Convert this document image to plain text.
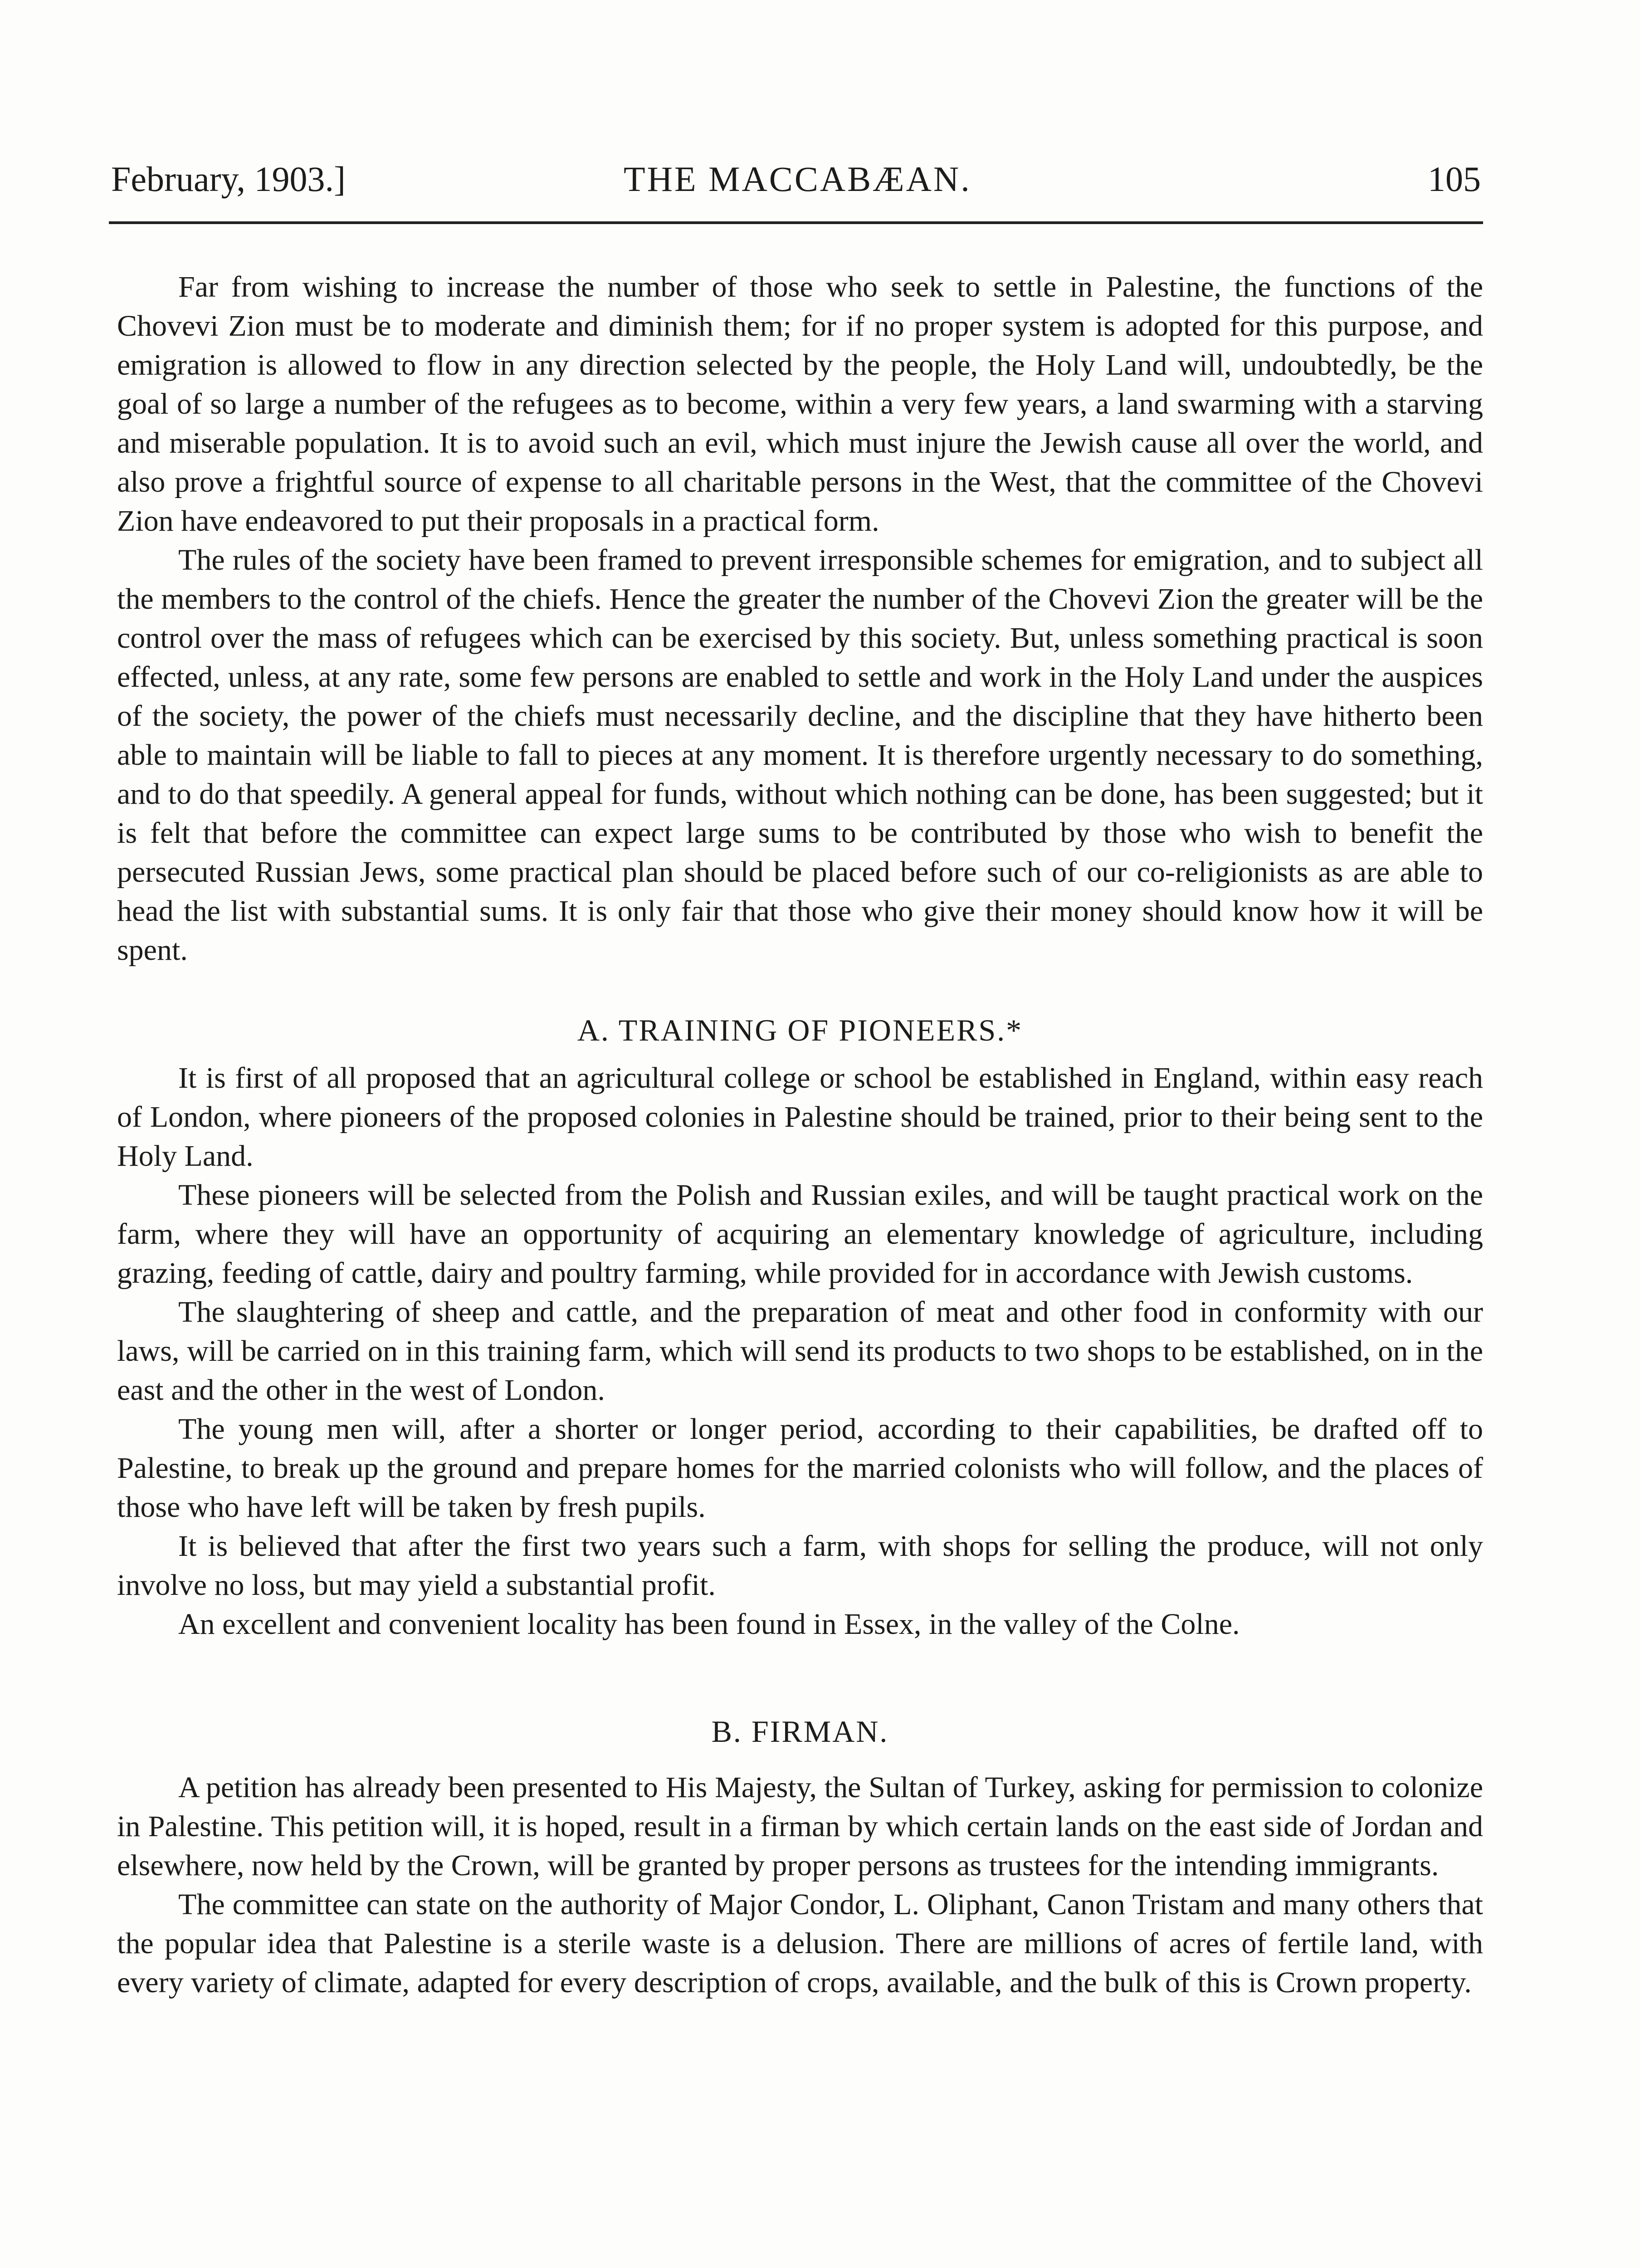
February, 1903.]	THE MACCABÆAN.	105

Far from wishing to increase the number of those who seek to settle in Palestine, the functions of the Chovevi Zion must be to moderate and diminish them; for if no proper system is adopted for this purpose, and emigration is allowed to flow in any direction selected by the people, the Holy Land will, undoubtedly, be the goal of so large a number of the refugees as to become, within a very few years, a land swarming with a starving and miserable population. It is to avoid such an evil, which must injure the Jewish cause all over the world, and also prove a frightful source of expense to all charitable persons in the West, that the committee of the Chovevi Zion have endeavored to put their proposals in a practical form.

The rules of the society have been framed to prevent irresponsible schemes for emigration, and to subject all the members to the control of the chiefs. Hence the greater the number of the Chovevi Zion the greater will be the control over the mass of refugees which can be exercised by this society. But, unless something practical is soon effected, unless, at any rate, some few persons are enabled to settle and work in the Holy Land under the auspices of the society, the power of the chiefs must necessarily decline, and the discipline that they have hitherto been able to maintain will be liable to fall to pieces at any moment. It is therefore urgently necessary to do something, and to do that speedily. A general appeal for funds, without which nothing can be done, has been suggested; but it is felt that before the committee can expect large sums to be contributed by those who wish to benefit the persecuted Russian Jews, some practical plan should be placed before such of our co-religionists as are able to head the list with substantial sums. It is only fair that those who give their money should know how it will be spent.

A. TRAINING OF PIONEERS.*

It is first of all proposed that an agricultural college or school be established in England, within easy reach of London, where pioneers of the proposed colonies in Palestine should be trained, prior to their being sent to the Holy Land.

These pioneers will be selected from the Polish and Russian exiles, and will be taught practical work on the farm, where they will have an opportunity of acquiring an elementary knowledge of agriculture, including grazing, feeding of cattle, dairy and poultry farming, while provided for in accordance with Jewish customs.

The slaughtering of sheep and cattle, and the preparation of meat and other food in conformity with our laws, will be carried on in this training farm, which will send its products to two shops to be established, on in the east and the other in the west of London.

The young men will, after a shorter or longer period, according to their capabilities, be drafted off to Palestine, to break up the ground and prepare homes for the married colonists who will follow, and the places of those who have left will be taken by fresh pupils.

It is believed that after the first two years such a farm, with shops for selling the produce, will not only involve no loss, but may yield a substantial profit.

An excellent and convenient locality has been found in Essex, in the valley of the Colne.

B. FIRMAN.

A petition has already been presented to His Majesty, the Sultan of Turkey, asking for permission to colonize in Palestine. This petition will, it is hoped, result in a firman by which certain lands on the east side of Jordan and elsewhere, now held by the Crown, will be granted by proper persons as trustees for the intending immigrants.

The committee can state on the authority of Major Condor, L. Oliphant, Canon Tristam and many others that the popular idea that Palestine is a sterile waste is a delusion. There are millions of acres of fertile land, with every variety of climate, adapted for every description of crops, available, and the bulk of this is Crown property.
